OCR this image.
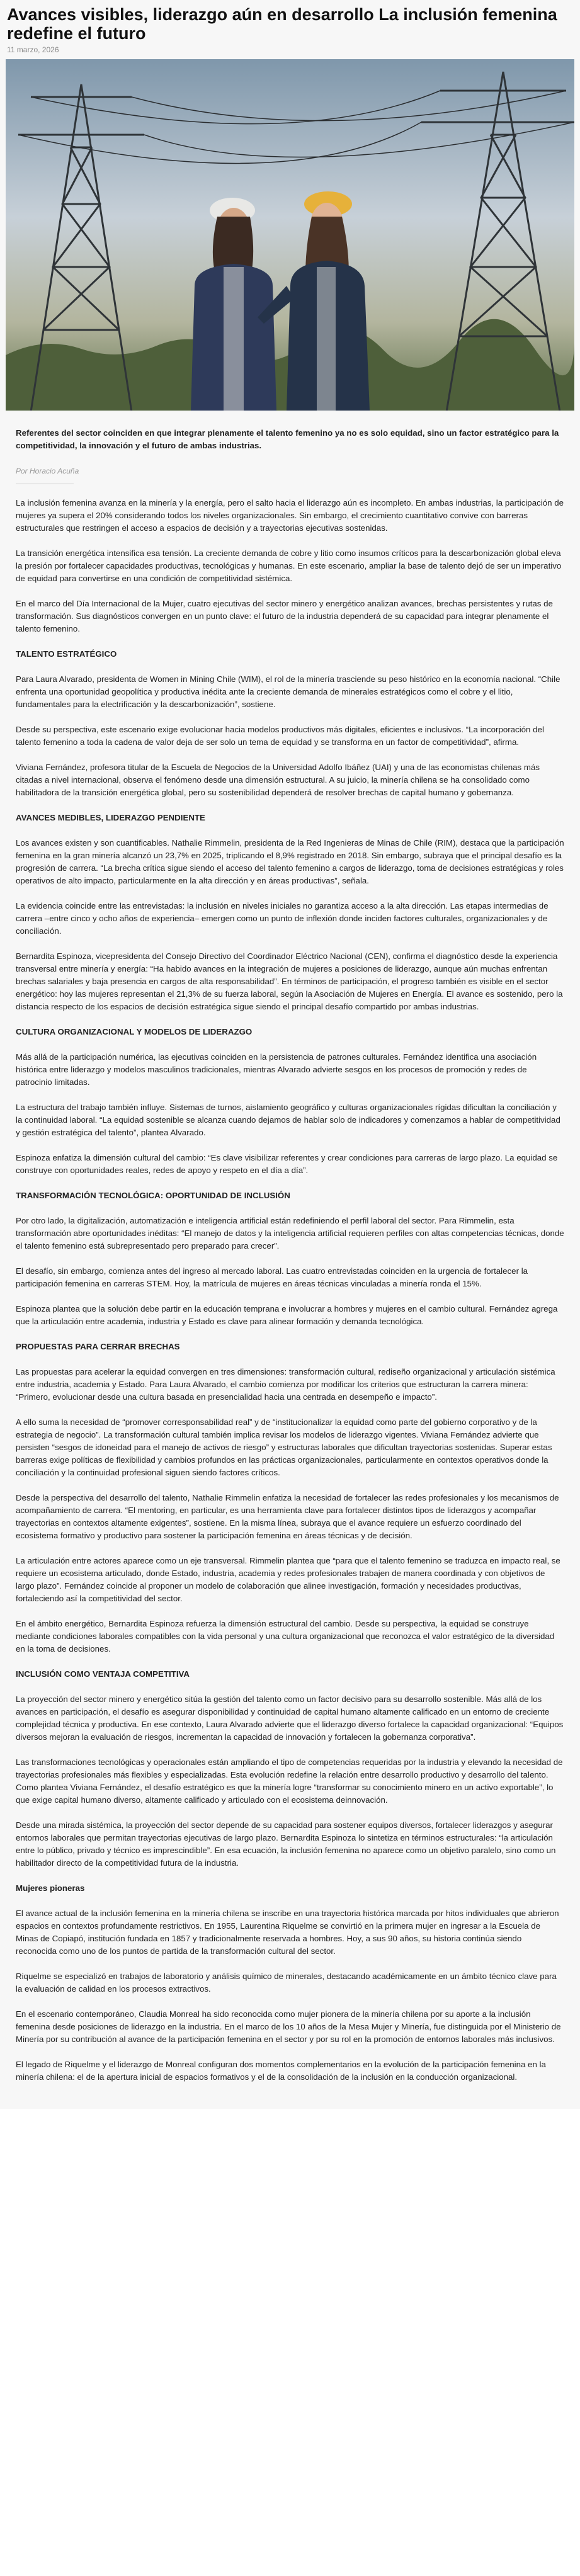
Avances visibles, liderazgo aún en desarrollo La inclusión femenina redefine el futuro
11 marzo, 2026

Referentes del sector coinciden en que integrar plenamente el talento femenino ya no es solo equidad, sino un factor estratégico para la competitividad, la innovación y el futuro de ambas industrias.

Por Horacio Acuña

La inclusión femenina avanza en la minería y la energía, pero el salto hacia el liderazgo aún es incompleto. En ambas industrias, la participación de mujeres ya supera el 20% considerando todos los niveles organizacionales. Sin embargo, el crecimiento cuantitativo convive con barreras estructurales que restringen el acceso a espacios de decisión y a trayectorias ejecutivas sostenidas.

La transición energética intensifica esa tensión. La creciente demanda de cobre y litio como insumos críticos para la descarbonización global eleva la presión por fortalecer capacidades productivas, tecnológicas y humanas. En este escenario, ampliar la base de talento dejó de ser un imperativo de equidad para convertirse en una condición de competitividad sistémica.

En el marco del Día Internacional de la Mujer, cuatro ejecutivas del sector minero y energético analizan avances, brechas persistentes y rutas de transformación. Sus diagnósticos convergen en un punto clave: el futuro de la industria dependerá de su capacidad para integrar plenamente el talento femenino.

TALENTO ESTRATÉGICO

Para Laura Alvarado, presidenta de Women in Mining Chile (WIM), el rol de la minería trasciende su peso histórico en la economía nacional. “Chile enfrenta una oportunidad geopolítica y productiva inédita ante la creciente demanda de minerales estratégicos como el cobre y el litio, fundamentales para la electrificación y la descarbonización”, sostiene.

Desde su perspectiva, este escenario exige evolucionar hacia modelos productivos más digitales, eficientes e inclusivos. “La incorporación del talento femenino a toda la cadena de valor deja de ser solo un tema de equidad y se transforma en un factor de competitividad”, afirma.

Viviana Fernández, profesora titular de la Escuela de Negocios de la Universidad Adolfo Ibáñez (UAI) y una de las economistas chilenas más citadas a nivel internacional, observa el fenómeno desde una dimensión estructural. A su juicio, la minería chilena se ha consolidado como habilitadora de la transición energética global, pero su sostenibilidad dependerá de resolver brechas de capital humano y gobernanza.

AVANCES MEDIBLES, LIDERAZGO PENDIENTE

Los avances existen y son cuantificables. Nathalie Rimmelin, presidenta de la Red Ingenieras de Minas de Chile (RIM), destaca que la participación femenina en la gran minería alcanzó un 23,7% en 2025, triplicando el 8,9% registrado en 2018. Sin embargo, subraya que el principal desafío es la progresión de carrera. “La brecha crítica sigue siendo el acceso del talento femenino a cargos de liderazgo, toma de decisiones estratégicas y roles operativos de alto impacto, particularmente en la alta dirección y en áreas productivas”, señala.

La evidencia coincide entre las entrevistadas: la inclusión en niveles iniciales no garantiza acceso a la alta dirección. Las etapas intermedias de carrera –entre cinco y ocho años de experiencia– emergen como un punto de inflexión donde inciden factores culturales, organizacionales y de conciliación.

Bernardita Espinoza, vicepresidenta del Consejo Directivo del Coordinador Eléctrico Nacional (CEN), confirma el diagnóstico desde la experiencia transversal entre minería y energía: “Ha habido avances en la integración de mujeres a posiciones de liderazgo, aunque aún muchas enfrentan brechas salariales y baja presencia en cargos de alta responsabilidad”. En términos de participación, el progreso también es visible en el sector energético: hoy las mujeres representan el 21,3% de su fuerza laboral, según la Asociación de Mujeres en Energía. El avance es sostenido, pero la distancia respecto de los espacios de decisión estratégica sigue siendo el principal desafío compartido por ambas industrias.

CULTURA ORGANIZACIONAL Y MODELOS DE LIDERAZGO

Más allá de la participación numérica, las ejecutivas coinciden en la persistencia de patrones culturales. Fernández identifica una asociación histórica entre liderazgo y modelos masculinos tradicionales, mientras Alvarado advierte sesgos en los procesos de promoción y redes de patrocinio limitadas.

La estructura del trabajo también influye. Sistemas de turnos, aislamiento geográfico y culturas organizacionales rígidas dificultan la conciliación y la continuidad laboral. “La equidad sostenible se alcanza cuando dejamos de hablar solo de indicadores y comenzamos a hablar de competitividad y gestión estratégica del talento”, plantea Alvarado.

Espinoza enfatiza la dimensión cultural del cambio: “Es clave visibilizar referentes y crear condiciones para carreras de largo plazo. La equidad se construye con oportunidades reales, redes de apoyo y respeto en el día a día”.

TRANSFORMACIÓN TECNOLÓGICA: OPORTUNIDAD DE INCLUSIÓN

Por otro lado, la digitalización, automatización e inteligencia artificial están redefiniendo el perfil laboral del sector. Para Rimmelin, esta transformación abre oportunidades inéditas: “El manejo de datos y la inteligencia artificial requieren perfiles con altas competencias técnicas, donde el talento femenino está subrepresentado pero preparado para crecer”.

El desafío, sin embargo, comienza antes del ingreso al mercado laboral. Las cuatro entrevistadas coinciden en la urgencia de fortalecer la participación femenina en carreras STEM. Hoy, la matrícula de mujeres en áreas técnicas vinculadas a minería ronda el 15%.

Espinoza plantea que la solución debe partir en la educación temprana e involucrar a hombres y mujeres en el cambio cultural. Fernández agrega que la articulación entre academia, industria y Estado es clave para alinear formación y demanda tecnológica.

PROPUESTAS PARA CERRAR BRECHAS

Las propuestas para acelerar la equidad convergen en tres dimensiones: transformación cultural, rediseño organizacional y articulación sistémica entre industria, academia y Estado. Para Laura Alvarado, el cambio comienza por modificar los criterios que estructuran la carrera minera: “Primero, evolucionar desde una cultura basada en presencialidad hacia una centrada en desempeño e impacto”.

A ello suma la necesidad de “promover corresponsabilidad real” y de “institucionalizar la equidad como parte del gobierno corporativo y de la estrategia de negocio”. La transformación cultural también implica revisar los modelos de liderazgo vigentes. Viviana Fernández advierte que persisten “sesgos de idoneidad para el manejo de activos de riesgo” y estructuras laborales que dificultan trayectorias sostenidas. Superar estas barreras exige políticas de flexibilidad y cambios profundos en las prácticas organizacionales, particularmente en contextos operativos donde la conciliación y la continuidad profesional siguen siendo factores críticos.

Desde la perspectiva del desarrollo del talento, Nathalie Rimmelin enfatiza la necesidad de fortalecer las redes profesionales y los mecanismos de acompañamiento de carrera. “El mentoring, en particular, es una herramienta clave para fortalecer distintos tipos de liderazgos y acompañar trayectorias en contextos altamente exigentes”, sostiene. En la misma línea, subraya que el avance requiere un esfuerzo coordinado del ecosistema formativo y productivo para sostener la participación femenina en áreas técnicas y de decisión.

La articulación entre actores aparece como un eje transversal. Rimmelin plantea que “para que el talento femenino se traduzca en impacto real, se requiere un ecosistema articulado, donde Estado, industria, academia y redes profesionales trabajen de manera coordinada y con objetivos de largo plazo”. Fernández coincide al proponer un modelo de colaboración que alinee investigación, formación y necesidades productivas, fortaleciendo así la competitividad del sector.

En el ámbito energético, Bernardita Espinoza refuerza la dimensión estructural del cambio. Desde su perspectiva, la equidad se construye mediante condiciones laborales compatibles con la vida personal y una cultura organizacional que reconozca el valor estratégico de la diversidad en la toma de decisiones.

INCLUSIÓN COMO VENTAJA COMPETITIVA

La proyección del sector minero y energético sitúa la gestión del talento como un factor decisivo para su desarrollo sostenible. Más allá de los avances en participación, el desafío es asegurar disponibilidad y continuidad de capital humano altamente calificado en un entorno de creciente complejidad técnica y productiva. En ese contexto, Laura Alvarado advierte que el liderazgo diverso fortalece la capacidad organizacional: “Equipos diversos mejoran la evaluación de riesgos, incrementan la capacidad de innovación y fortalecen la gobernanza corporativa”.

Las transformaciones tecnológicas y operacionales están ampliando el tipo de competencias requeridas por la industria y elevando la necesidad de trayectorias profesionales más flexibles y especializadas. Esta evolución redefine la relación entre desarrollo productivo y desarrollo del talento. Como plantea Viviana Fernández, el desafío estratégico es que la minería logre “transformar su conocimiento minero en un activo exportable”, lo que exige capital humano diverso, altamente calificado y articulado con el ecosistema deinnovación.

Desde una mirada sistémica, la proyección del sector depende de su capacidad para sostener equipos diversos, fortalecer liderazgos y asegurar entornos laborales que permitan trayectorias ejecutivas de largo plazo. Bernardita Espinoza lo sintetiza en términos estructurales: “la articulación entre lo público, privado y técnico es imprescindible”. En esa ecuación, la inclusión femenina no aparece como un objetivo paralelo, sino como un habilitador directo de la competitividad futura de la industria.

Mujeres pioneras

El avance actual de la inclusión femenina en la minería chilena se inscribe en una trayectoria histórica marcada por hitos individuales que abrieron espacios en contextos profundamente restrictivos. En 1955, Laurentina Riquelme se convirtió en la primera mujer en ingresar a la Escuela de Minas de Copiapó, institución fundada en 1857 y tradicionalmente reservada a hombres. Hoy, a sus 90 años, su historia continúa siendo reconocida como uno de los puntos de partida de la transformación cultural del sector.

Riquelme se especializó en trabajos de laboratorio y análisis químico de minerales, destacando académicamente en un ámbito técnico clave para la evaluación de calidad en los procesos extractivos.

En el escenario contemporáneo, Claudia Monreal ha sido reconocida como mujer pionera de la minería chilena por su aporte a la inclusión femenina desde posiciones de liderazgo en la industria. En el marco de los 10 años de la Mesa Mujer y Minería, fue distinguida por el Ministerio de Minería por su contribución al avance de la participación femenina en el sector y por su rol en la promoción de entornos laborales más inclusivos.

El legado de Riquelme y el liderazgo de Monreal configuran dos momentos complementarios en la evolución de la participación femenina en la minería chilena: el de la apertura inicial de espacios formativos y el de la consolidación de la inclusión en la conducción organizacional.
